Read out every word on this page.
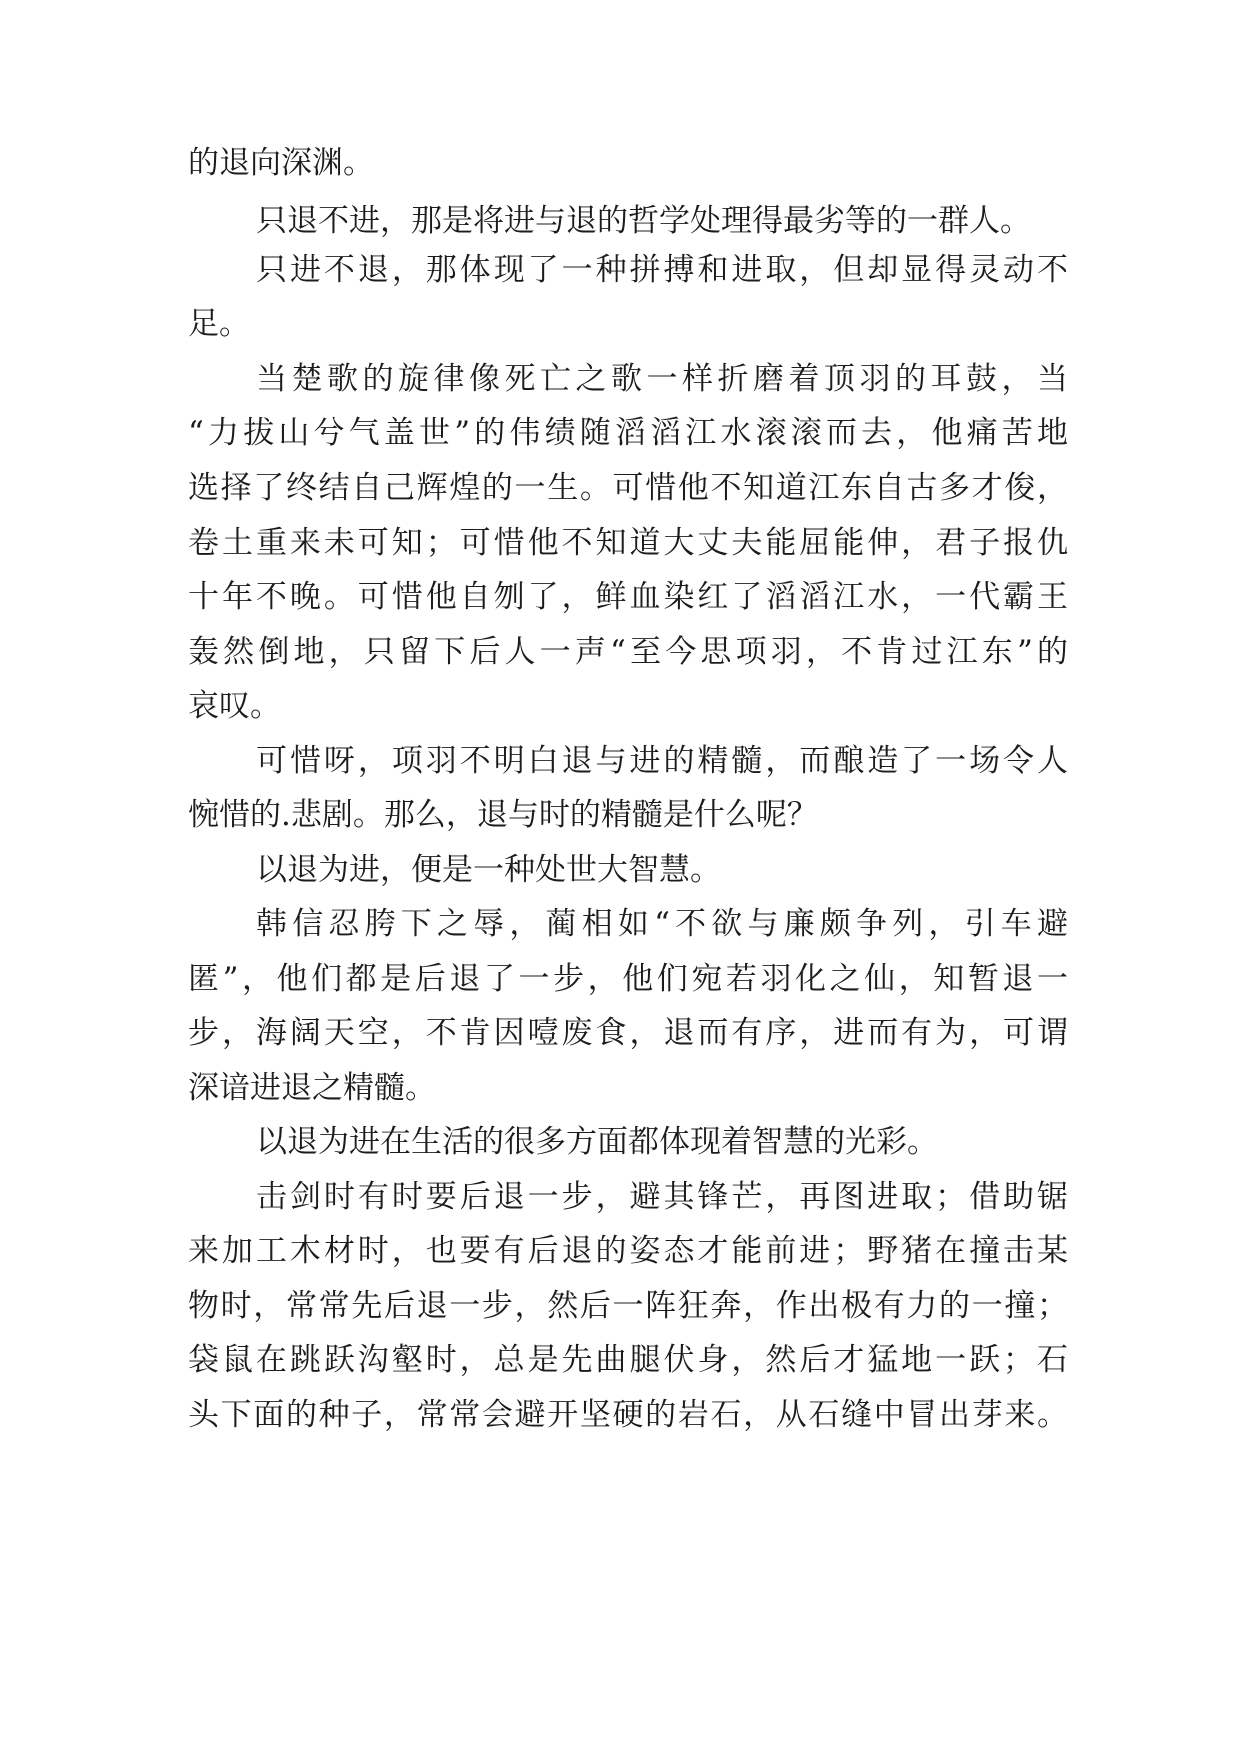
的退向深渊。

只退不进，那是将进与退的哲学处理得最劣等的一群人。

只进不退，那体现了一种拼搏和进取，但却显得灵动不

足。

当楚歌的旋律像死亡之歌一样折磨着顶羽的耳鼓，当

“力拔山兮气盖世”的伟绩随滔滔江水滚滚而去，他痛苦地

选择了终结自己辉煌的一生。可惜他不知道江东自古多才俊，

卷土重来未可知；可惜他不知道大丈夫能屈能伸，君子报仇

十年不晚。可惜他自刎了，鲜血染红了滔滔江水，一代霸王

轰然倒地，只留下后人一声“至今思项羽，不肯过江东”的

哀叹。

可惜呀，项羽不明白退与进的精髓，而酿造了一场令人

惋惜的.悲剧。那么，退与时的精髓是什么呢？

以退为进，便是一种处世大智慧。

韩信忍胯下之辱，蔺相如“不欲与廉颇争列，引车避

匿”，他们都是后退了一步，他们宛若羽化之仙，知暂退一

步，海阔天空，不肯因噎废食，退而有序，进而有为，可谓

深谙进退之精髓。

以退为进在生活的很多方面都体现着智慧的光彩。

击剑时有时要后退一步，避其锋芒，再图进取；借助锯

来加工木材时，也要有后退的姿态才能前进；野猪在撞击某

物时，常常先后退一步，然后一阵狂奔，作出极有力的一撞；

袋鼠在跳跃沟壑时，总是先曲腿伏身，然后才猛地一跃；石

头下面的种子，常常会避开坚硬的岩石，从石缝中冒出芽来。
